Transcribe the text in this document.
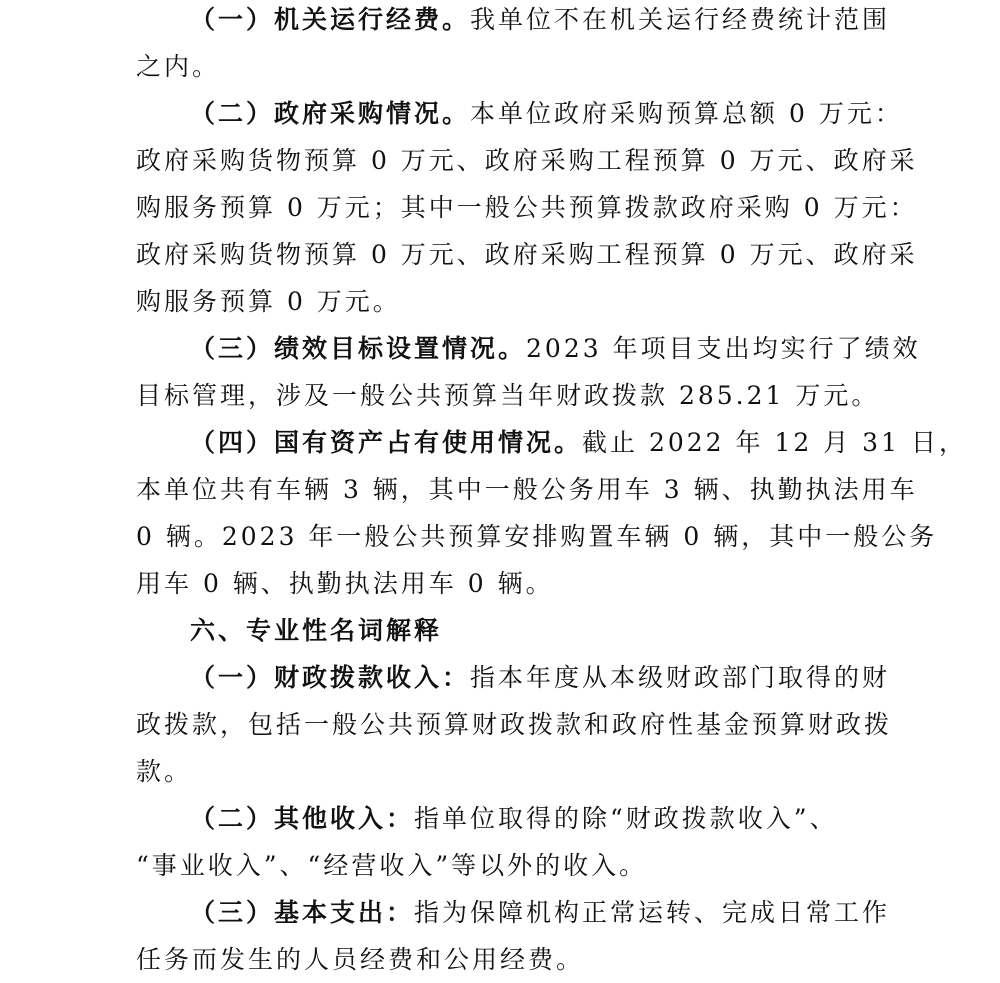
（一）机关运行经费。我单位不在机关运行经费统计范围
之内。
（二）政府采购情况。本单位政府采购预算总额 0 万元：
政府采购货物预算 0 万元、政府采购工程预算 0 万元、政府采
购服务预算 0 万元；其中一般公共预算拨款政府采购 0 万元：
政府采购货物预算 0 万元、政府采购工程预算 0 万元、政府采
购服务预算 0 万元。
（三）绩效目标设置情况。2023 年项目支出均实行了绩效
目标管理，涉及一般公共预算当年财政拨款 285.21 万元。
（四）国有资产占有使用情况。截止 2022 年 12 月 31 日，
本单位共有车辆 3 辆，其中一般公务用车 3 辆、执勤执法用车
0 辆。2023 年一般公共预算安排购置车辆 0 辆，其中一般公务
用车 0 辆、执勤执法用车 0 辆。
六、专业性名词解释
（一）财政拨款收入：指本年度从本级财政部门取得的财
政拨款，包括一般公共预算财政拨款和政府性基金预算财政拨
款。
（二）其他收入：指单位取得的除“财政拨款收入”、
“事业收入”、“经营收入”等以外的收入。
（三）基本支出：指为保障机构正常运转、完成日常工作
任务而发生的人员经费和公用经费。
